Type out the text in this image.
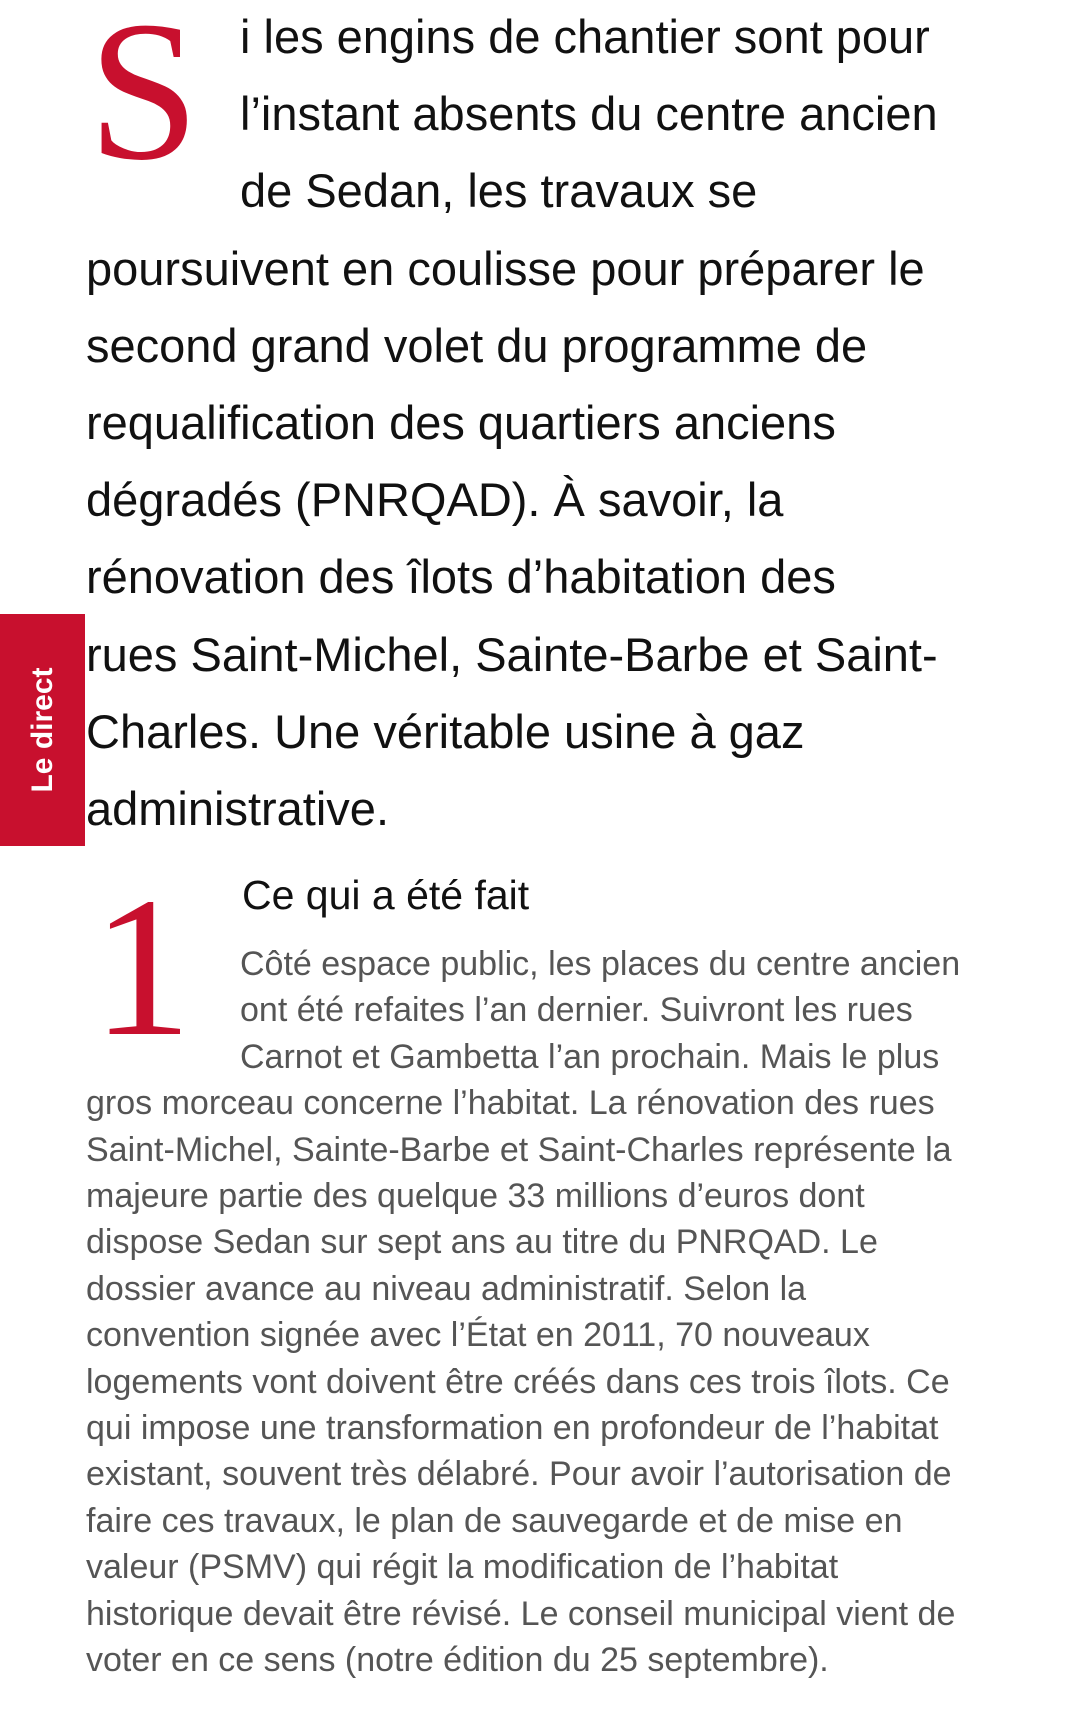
S i les engins de chantier sont pour
l’instant absents du centre ancien
de Sedan, les travaux se
poursuivent en coulisse pour préparer le
second grand volet du programme de
requalification des quartiers anciens
dégradés (PNRQAD). À savoir, la
rénovation des îlots d’habitation des
rues Saint-Michel, Sainte-Barbe et Saint-
Charles. Une véritable usine à gaz
administrative.
Le direct
1 Ce qui a été fait
Côté espace public, les places du centre ancien
ont été refaites l’an dernier. Suivront les rues
Carnot et Gambetta l’an prochain. Mais le plus
gros morceau concerne l’habitat. La rénovation des rues
Saint-Michel, Sainte-Barbe et Saint-Charles représente la
majeure partie des quelque 33 millions d’euros dont
dispose Sedan sur sept ans au titre du PNRQAD. Le
dossier avance au niveau administratif. Selon la
convention signée avec l’État en 2011, 70 nouveaux
logements vont doivent être créés dans ces trois îlots. Ce
qui impose une transformation en profondeur de l’habitat
existant, souvent très délabré. Pour avoir l’autorisation de
faire ces travaux, le plan de sauvegarde et de mise en
valeur (PSMV) qui régit la modification de l’habitat
historique devait être révisé. Le conseil municipal vient de
voter en ce sens (notre édition du 25 septembre).
